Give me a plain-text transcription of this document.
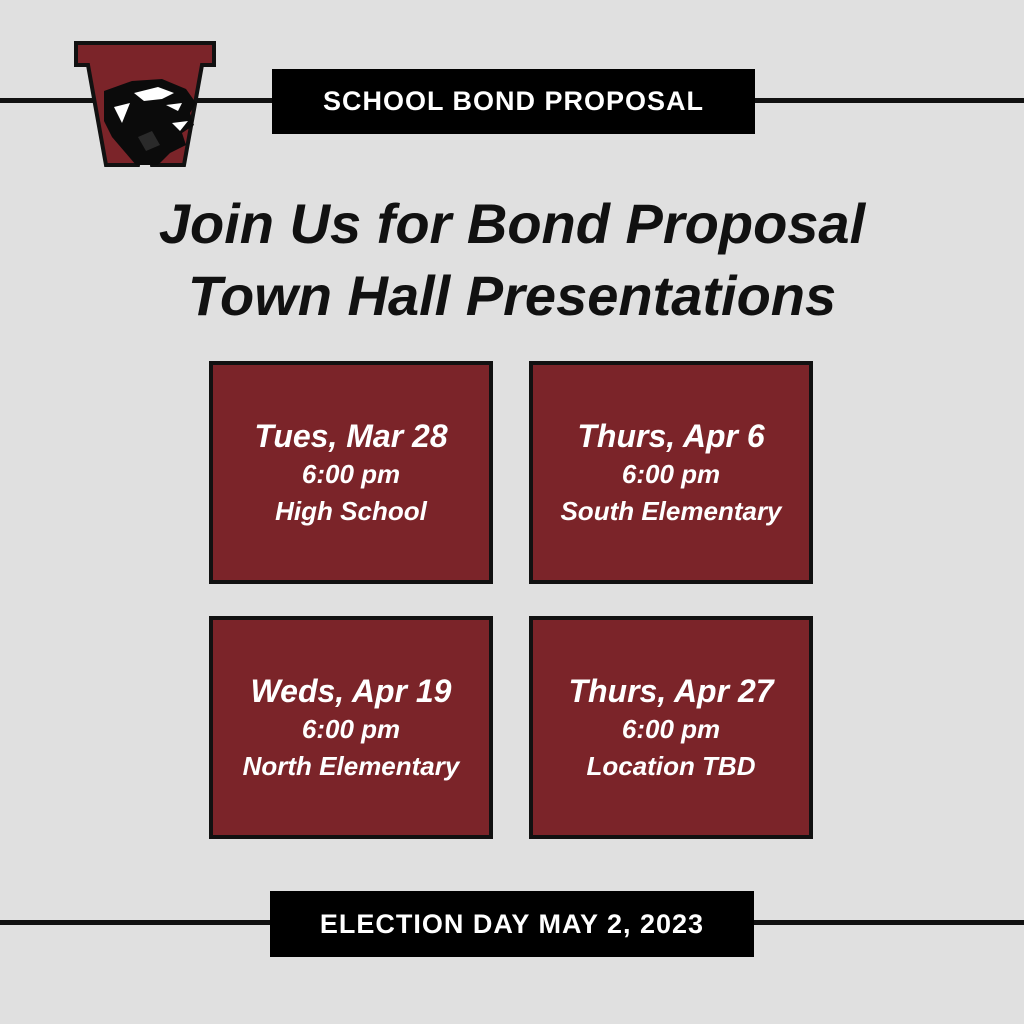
SCHOOL BOND PROPOSAL
Join Us for Bond Proposal
Town Hall Presentations
Tues, Mar 28
6:00 pm
High School
Thurs, Apr 6
6:00 pm
South Elementary
Weds, Apr 19
6:00 pm
North Elementary
Thurs, Apr 27
6:00 pm
Location TBD
ELECTION DAY MAY 2, 2023
